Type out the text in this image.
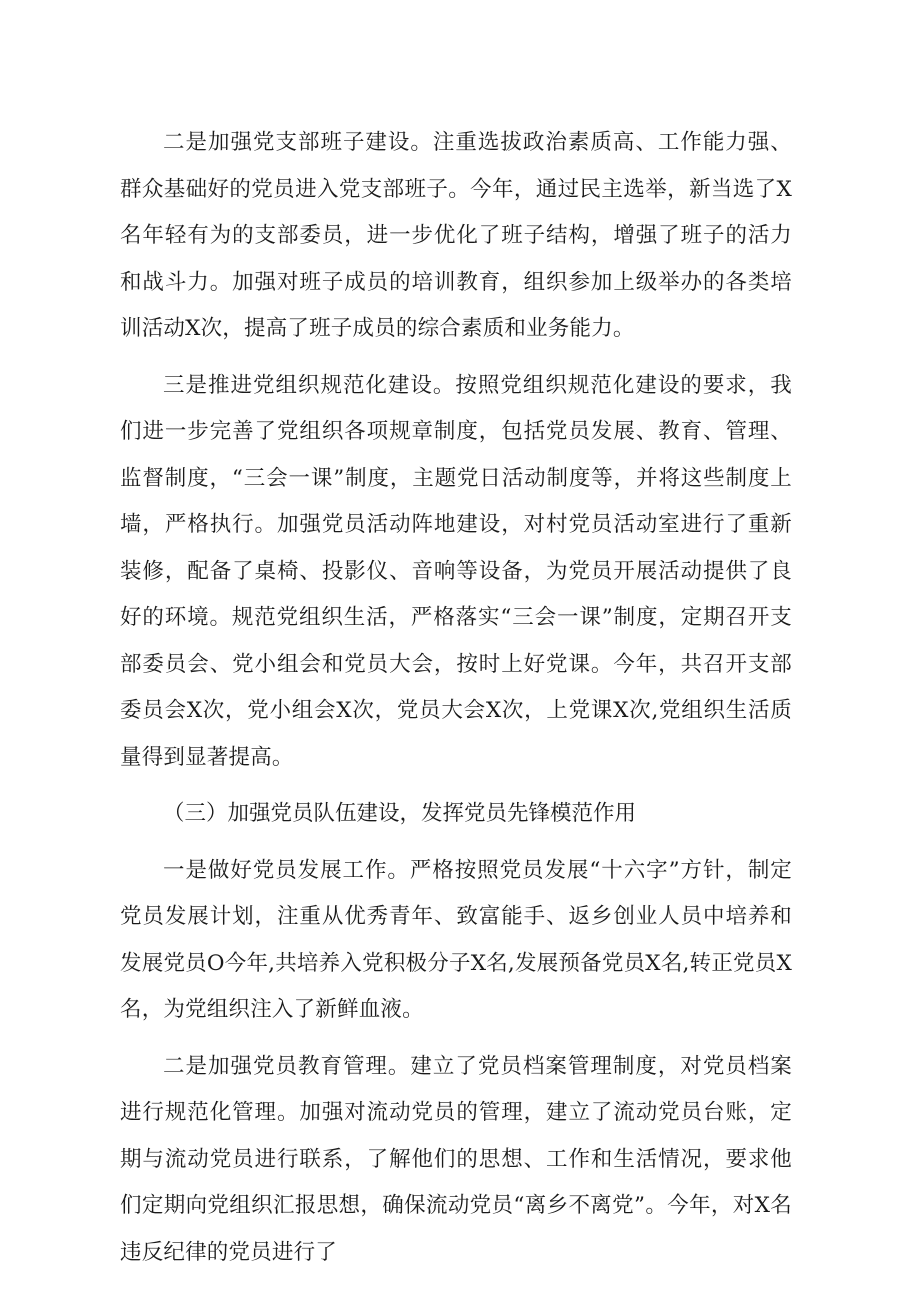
二是加强党支部班子建设。注重选拔政治素质高、工作能力强、群众基础好的党员进入党支部班子。今年，通过民主选举，新当选了X名年轻有为的支部委员，进一步优化了班子结构，增强了班子的活力和战斗力。加强对班子成员的培训教育，组织参加上级举办的各类培训活动X次，提高了班子成员的综合素质和业务能力。

三是推进党组织规范化建设。按照党组织规范化建设的要求，我们进一步完善了党组织各项规章制度，包括党员发展、教育、管理、监督制度，“三会一课”制度，主题党日活动制度等，并将这些制度上墙，严格执行。加强党员活动阵地建设，对村党员活动室进行了重新装修，配备了桌椅、投影仪、音响等设备，为党员开展活动提供了良好的环境。规范党组织生活，严格落实“三会一课”制度，定期召开支部委员会、党小组会和党员大会，按时上好党课。今年，共召开支部委员会X次，党小组会X次，党员大会X次，上党课X次,党组织生活质量得到显著提高。

（三）加强党员队伍建设，发挥党员先锋模范作用

一是做好党员发展工作。严格按照党员发展“十六字”方针，制定党员发展计划，注重从优秀青年、致富能手、返乡创业人员中培养和发展党员O今年,共培养入党积极分子X名,发展预备党员X名,转正党员X名，为党组织注入了新鲜血液。

二是加强党员教育管理。建立了党员档案管理制度，对党员档案进行规范化管理。加强对流动党员的管理，建立了流动党员台账，定期与流动党员进行联系，了解他们的思想、工作和生活情况，要求他们定期向党组织汇报思想，确保流动党员“离乡不离党”。今年，对X名违反纪律的党员进行了
